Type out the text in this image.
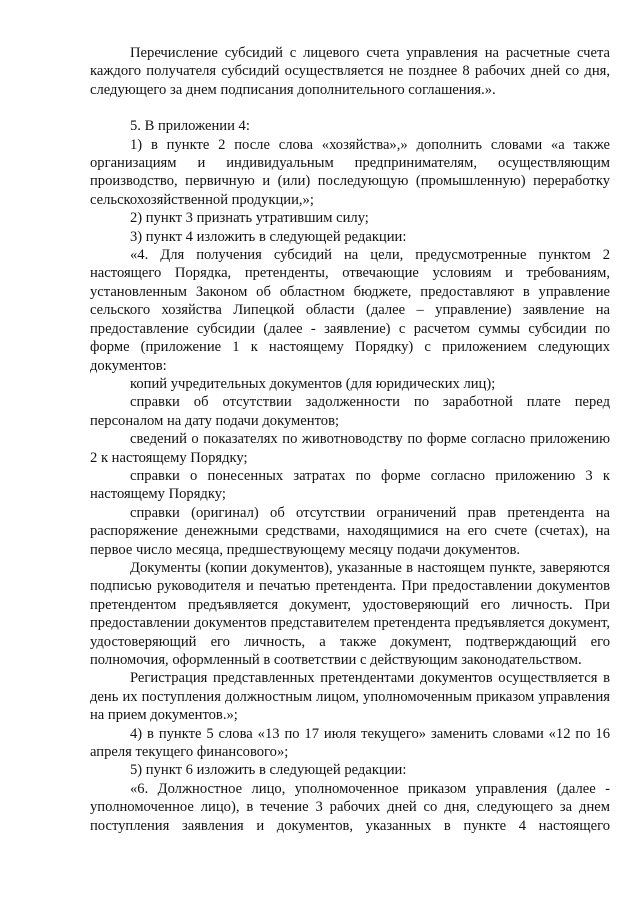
Перечисление субсидий с лицевого счета управления на расчетные счета каждого получателя субсидий осуществляется не позднее 8 рабочих дней со дня, следующего за днем подписания дополнительного соглашения.».

5. В приложении 4:

1) в пункте 2 после слова «хозяйства»,» дополнить словами «а также организациям и индивидуальным предпринимателям, осуществляющим производство, первичную и (или) последующую (промышленную) переработку сельскохозяйственной продукции,»;

2) пункт 3 признать утратившим силу;

3) пункт 4 изложить в следующей редакции:

«4. Для получения субсидий на цели, предусмотренные пунктом 2 настоящего Порядка, претенденты, отвечающие условиям и требованиям, установленным Законом об областном бюджете, предоставляют в управление сельского хозяйства Липецкой области (далее – управление) заявление на предоставление субсидии (далее - заявление) с расчетом суммы субсидии по форме (приложение 1 к настоящему Порядку) с приложением следующих документов:

копий учредительных документов (для юридических лиц);

справки об отсутствии задолженности по заработной плате перед персоналом на дату подачи документов;

сведений о показателях по животноводству по форме согласно приложению 2 к настоящему Порядку;

справки о понесенных затратах по форме согласно приложению 3 к настоящему Порядку;

справки (оригинал) об отсутствии ограничений прав претендента на распоряжение денежными средствами, находящимися на его счете (счетах), на первое число месяца, предшествующему месяцу подачи документов.

Документы (копии документов), указанные в настоящем пункте, заверяются подписью руководителя и печатью претендента. При предоставлении документов претендентом предъявляется документ, удостоверяющий его личность. При предоставлении документов представителем претендента предъявляется документ, удостоверяющий его личность, а также документ, подтверждающий его полномочия, оформленный в соответствии с действующим законодательством.

Регистрация представленных претендентами документов осуществляется в день их поступления должностным лицом, уполномоченным приказом управления на прием документов.»;

4) в пункте 5 слова «13 по 17 июля текущего» заменить словами «12 по 16 апреля текущего финансового»;

5) пункт 6 изложить в следующей редакции:

«6. Должностное лицо, уполномоченное приказом управления (далее - уполномоченное лицо), в течение 3 рабочих дней со дня, следующего за днем поступления заявления и документов, указанных в пункте 4 настоящего
